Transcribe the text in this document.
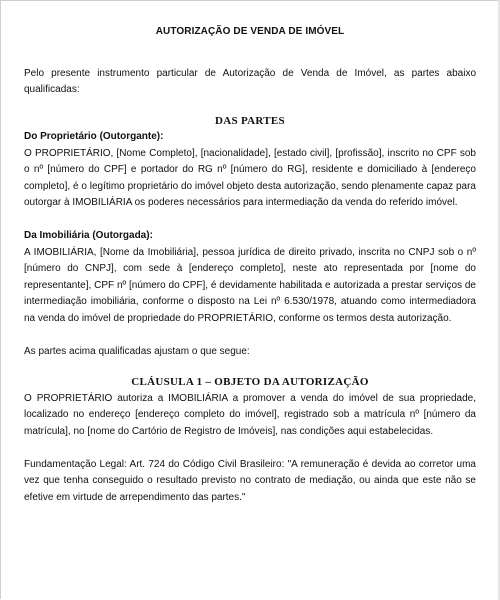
AUTORIZAÇÃO DE VENDA DE IMÓVEL

Pelo presente instrumento particular de Autorização de Venda de Imóvel, as partes abaixo qualificadas:

DAS PARTES

Do Proprietário (Outorgante):

O PROPRIETÁRIO, [Nome Completo], [nacionalidade], [estado civil], [profissão], inscrito no CPF sob o nº [número do CPF] e portador do RG nº [número do RG], residente e domiciliado à [endereço completo], é o legítimo proprietário do imóvel objeto desta autorização, sendo plenamente capaz para outorgar à IMOBILIÁRIA os poderes necessários para intermediação da venda do referido imóvel.

Da Imobiliária (Outorgada):

A IMOBILIÁRIA, [Nome da Imobiliária], pessoa jurídica de direito privado, inscrita no CNPJ sob o nº [número do CNPJ], com sede à [endereço completo], neste ato representada por [nome do representante], CPF nº [número do CPF], é devidamente habilitada e autorizada a prestar serviços de intermediação imobiliária, conforme o disposto na Lei nº 6.530/1978, atuando como intermediadora na venda do imóvel de propriedade do PROPRIETÁRIO, conforme os termos desta autorização.

As partes acima qualificadas ajustam o que segue:

CLÁUSULA 1 – OBJETO DA AUTORIZAÇÃO

O PROPRIETÁRIO autoriza a IMOBILIÁRIA a promover a venda do imóvel de sua propriedade, localizado no endereço [endereço completo do imóvel], registrado sob a matrícula nº [número da matrícula], no [nome do Cartório de Registro de Imóveis], nas condições aqui estabelecidas.

Fundamentação Legal: Art. 724 do Código Civil Brasileiro: "A remuneração é devida ao corretor uma vez que tenha conseguido o resultado previsto no contrato de mediação, ou ainda que este não se efetive em virtude de arrependimento das partes."
